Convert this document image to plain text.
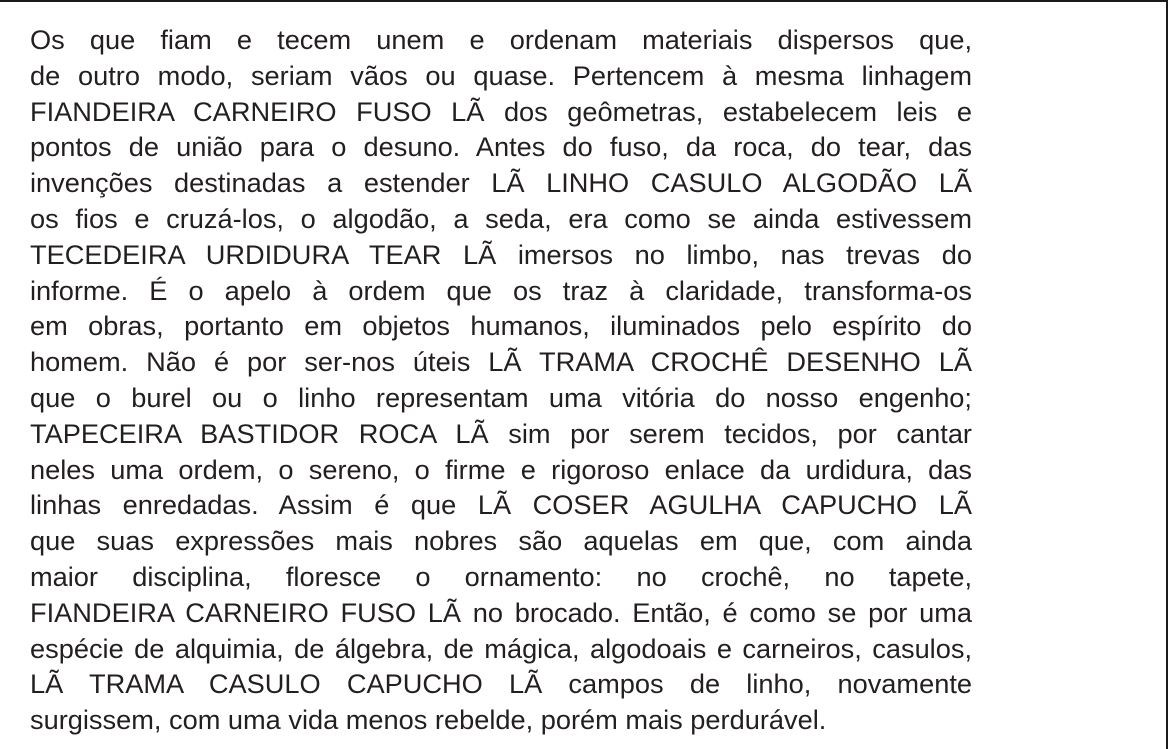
Os que fiam e tecem unem e ordenam materiais dispersos que,
de outro modo, seriam vãos ou quase. Pertencem à mesma linhagem
FIANDEIRA CARNEIRO FUSO LÃ dos geômetras, estabelecem leis e
pontos de união para o desuno. Antes do fuso, da roca, do tear, das
invenções destinadas a estender LÃ LINHO CASULO ALGODÃO LÃ
os fios e cruzá-los, o algodão, a seda, era como se ainda estivessem
TECEDEIRA URDIDURA TEAR LÃ imersos no limbo, nas trevas do
informe. É o apelo à ordem que os traz à claridade, transforma-os
em obras, portanto em objetos humanos, iluminados pelo espírito do
homem. Não é por ser-nos úteis LÃ TRAMA CROCHÊ DESENHO LÃ
que o burel ou o linho representam uma vitória do nosso engenho;
TAPECEIRA BASTIDOR ROCA LÃ sim por serem tecidos, por cantar
neles uma ordem, o sereno, o firme e rigoroso enlace da urdidura, das
linhas enredadas. Assim é que LÃ COSER AGULHA CAPUCHO LÃ
que suas expressões mais nobres são aquelas em que, com ainda
maior disciplina, floresce o ornamento: no crochê, no tapete,
FIANDEIRA CARNEIRO FUSO LÃ no brocado. Então, é como se por uma
espécie de alquimia, de álgebra, de mágica, algodoais e carneiros, casulos,
LÃ TRAMA CASULO CAPUCHO LÃ campos de linho, novamente
surgissem, com uma vida menos rebelde, porém mais perdurável.
